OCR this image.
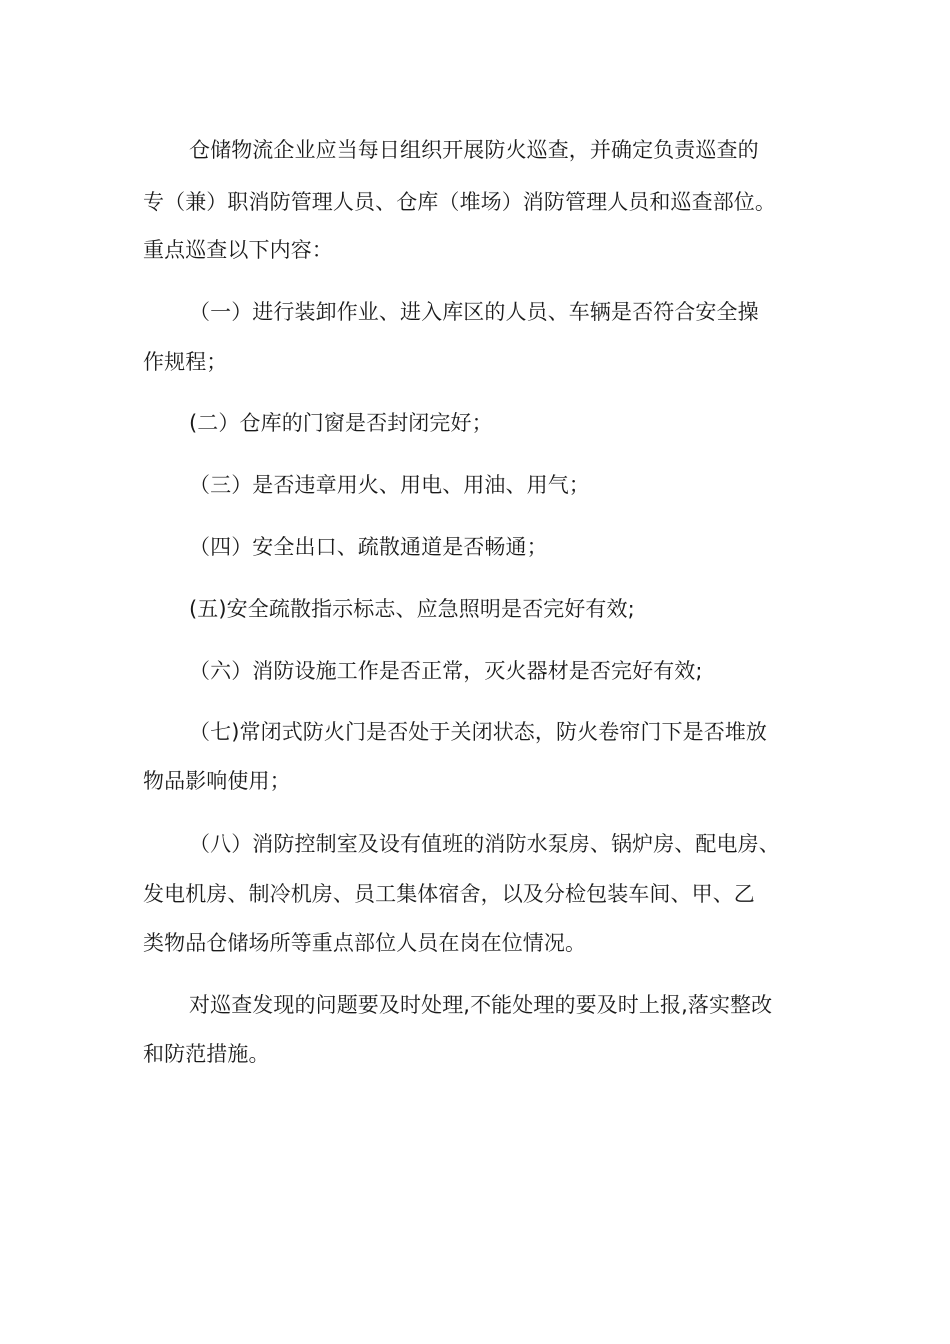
仓储物流企业应当每日组织开展防火巡查，并确定负责巡查的
专（兼）职消防管理人员、仓库（堆场）消防管理人员和巡查部位。
重点巡查以下内容：
（一）进行装卸作业、进入库区的人员、车辆是否符合安全操
作规程；
(二）仓库的门窗是否封闭完好；
（三）是否违章用火、用电、用油、用气；
（四）安全出口、疏散通道是否畅通；
(五)安全疏散指示标志、应急照明是否完好有效;
（六）消防设施工作是否正常，灭火器材是否完好有效;
（七)常闭式防火门是否处于关闭状态，防火卷帘门下是否堆放
物品影响使用；
（八）消防控制室及设有值班的消防水泵房、锅炉房、配电房、
发电机房、制冷机房、员工集体宿舍，以及分检包装车间、甲、乙
类物品仓储场所等重点部位人员在岗在位情况。
对巡查发现的问题要及时处理,不能处理的要及时上报,落实整改
和防范措施。
